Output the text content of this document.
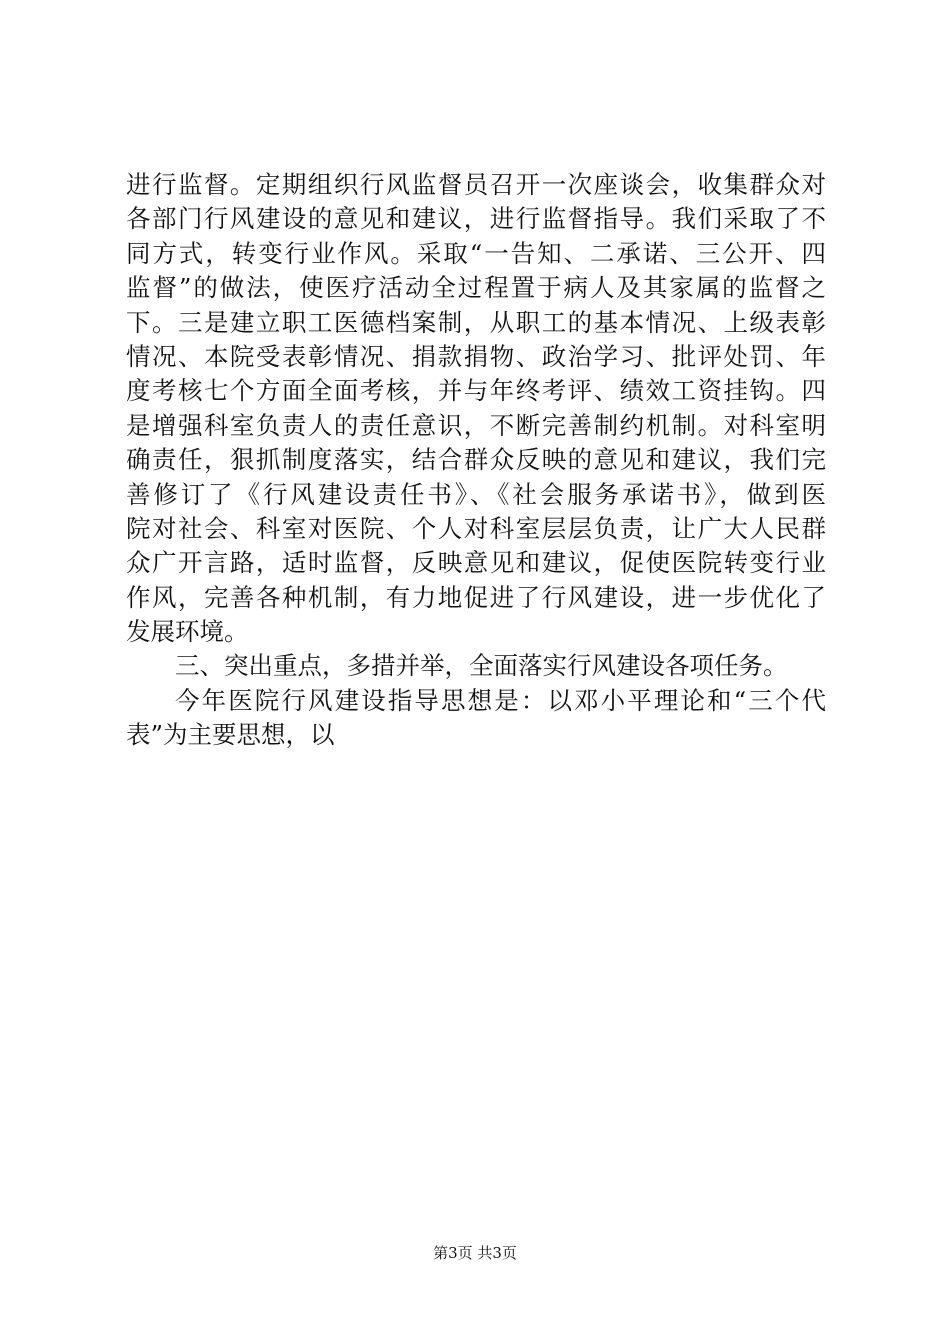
进行监督。定期组织行风监督员召开一次座谈会，收集群众对
各部门行风建设的意见和建议，进行监督指导。我们采取了不
同方式，转变行业作风。采取“一告知、二承诺、三公开、四
监督”的做法，使医疗活动全过程置于病人及其家属的监督之
下。三是建立职工医德档案制，从职工的基本情况、上级表彰
情况、本院受表彰情况、捐款捐物、政治学习、批评处罚、年
度考核七个方面全面考核，并与年终考评、绩效工资挂钩。四
是增强科室负责人的责任意识，不断完善制约机制。对科室明
确责任，狠抓制度落实，结合群众反映的意见和建议，我们完
善修订了《行风建设责任书》、《社会服务承诺书》，做到医
院对社会、科室对医院、个人对科室层层负责，让广大人民群
众广开言路，适时监督，反映意见和建议，促使医院转变行业
作风，完善各种机制，有力地促进了行风建设，进一步优化了
发展环境。
三、突出重点，多措并举，全面落实行风建设各项任务。
今年医院行风建设指导思想是：以邓小平理论和“三个代
表”为主要思想，以
第3页 共3页
